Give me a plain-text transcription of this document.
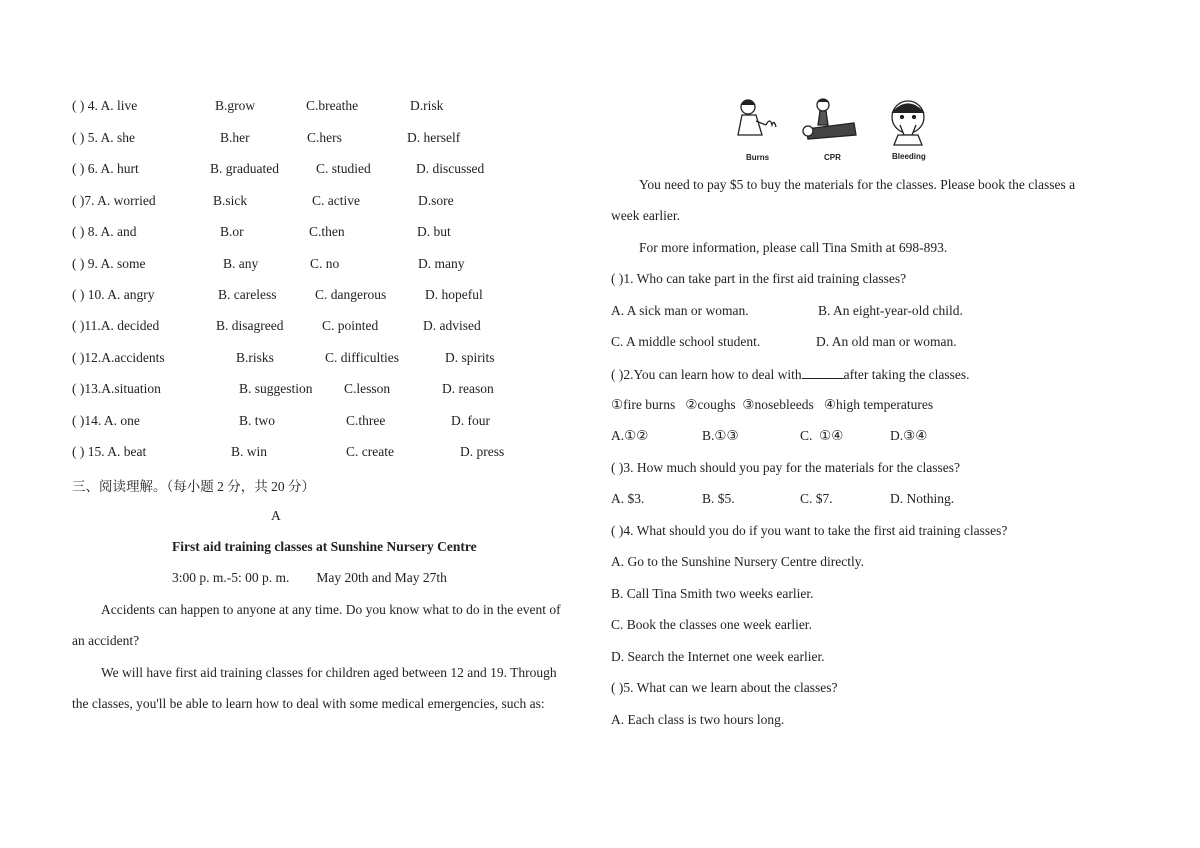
( ) 4. A. live	B.grow	C.breathe	D.risk
( ) 5. A. she	B.her	C.hers	D. herself
( ) 6. A. hurt	B. graduated	C. studied	D. discussed
( )7. A. worried	B.sick	C. active	D.sore
( ) 8. A. and	B.or	C.then	D. but
( ) 9. A. some	B. any	C. no	D. many
( ) 10. A. angry	B. careless	C. dangerous	D. hopeful
( )11.A. decided	B. disagreed	C. pointed	D. advised
( )12.A.accidents	B.risks	C. difficulties	D. spirits
( )13.A.situation	B. suggestion C.lesson	D. reason
( )14. A. one	B. two	C.three	D. four
( ) 15. A. beat	B. win	C. create	D. press
三、阅读理解。（每小题 2 分，共 20 分）
A
First aid training classes at Sunshine Nursery Centre
3:00 p. m.-5: 00 p. m.        May 20th and May 27th
Accidents can happen to anyone at any time. Do you know what to do in the event of
an accident?
We will have first aid training classes for children aged between 12 and 19. Through
the classes, you'll be able to learn how to deal with some medical emergencies, such as:
Burns	CPR	Bleeding
You need to pay $5 to buy the materials for the classes. Please book the classes a
week earlier.
For more information, please call Tina Smith at 698-893.
( )1. Who can take part in the first aid training classes?
A. A sick man or woman.	B. An eight-year-old child.
C. A middle school student.	D. An old man or woman.
( )2.You can learn how to deal with	after taking the classes.
①fire burns   ②coughs  ③nosebleeds   ④high temperatures
A.①②	B.①③	C.  ①④	D.③④
( )3. How much should you pay for the materials for the classes?
A. $3.	B. $5.	C. $7.	D. Nothing.
( )4. What should you do if you want to take the first aid training classes?
A. Go to the Sunshine Nursery Centre directly.
B. Call Tina Smith two weeks earlier.
C. Book the classes one week earlier.
D. Search the Internet one week earlier.
( )5. What can we learn about the classes?
A. Each class is two hours long.
